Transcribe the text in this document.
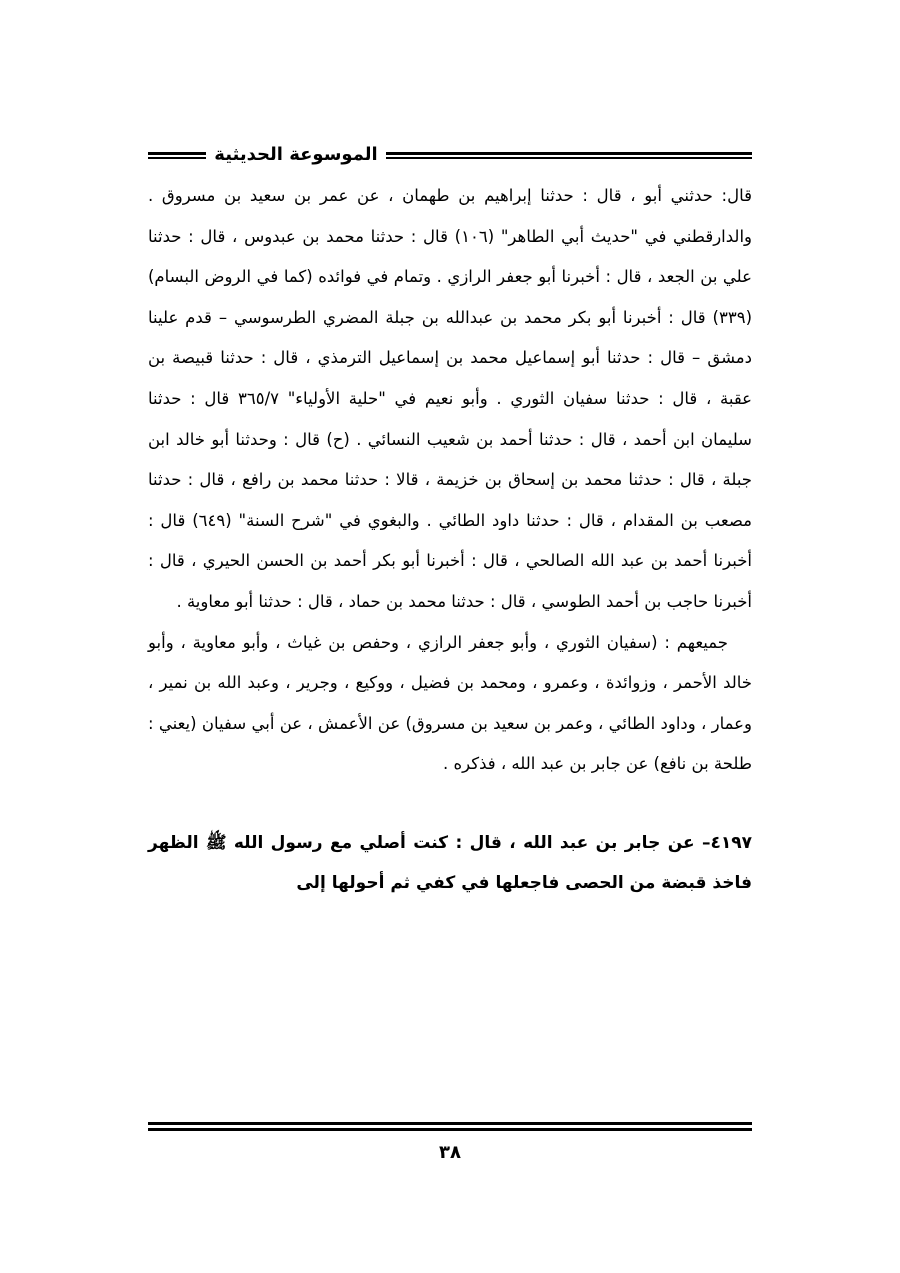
الموسوعة الحديثية

قال: حدثني أبو ، قال : حدثنا إبراهيم بن طهمان ، عن عمر بن سعيد بن مسروق . والدارقطني في "حديث أبي الطاهر" (١٠٦) قال : حدثنا محمد بن عبدوس ، قال : حدثنا علي بن الجعد ، قال : أخبرنا أبو جعفر الرازي . وتمام في فوائده (كما في الروض البسام) (٣٣٩) قال : أخبرنا أبو بكر محمد بن عبدالله بن جبلة المضري الطرسوسي – قدم علينا دمشق – قال : حدثنا أبو إسماعيل محمد بن إسماعيل الترمذي ، قال : حدثنا قبيصة بن عقبة ، قال : حدثنا سفيان الثوري . وأبو نعيم في "حلية الأولياء" ٣٦٥/٧ قال : حدثنا سليمان ابن أحمد ، قال : حدثنا أحمد بن شعيب النسائي . (ح) قال : وحدثنا أبو خالد ابن جبلة ، قال : حدثنا محمد بن إسحاق بن خزيمة ، قالا : حدثنا محمد بن رافع ، قال : حدثنا مصعب بن المقدام ، قال : حدثنا داود الطائي . والبغوي في "شرح السنة" (٦٤٩) قال : أخبرنا أحمد بن عبد الله الصالحي ، قال : أخبرنا أبو بكر أحمد بن الحسن الحيري ، قال : أخبرنا حاجب بن أحمد الطوسي ، قال : حدثنا محمد بن حماد ، قال : حدثنا أبو معاوية .

جميعهم : (سفيان الثوري ، وأبو جعفر الرازي ، وحفص بن غياث ، وأبو معاوية ، وأبو خالد الأحمر ، وزوائدة ، وعمرو ، ومحمد بن فضيل ، ووكيع ، وجرير ، وعبد الله بن نمير ، وعمار ، وداود الطائي ، وعمر بن سعيد بن مسروق) عن الأعمش ، عن أبي سفيان (يعني : طلحة بن نافع) عن جابر بن عبد الله ، فذكره .

٤١٩٧– عن جابر بن عبد الله ، قال : كنت أصلي مع رسول الله ﷺ الظهر فاخذ قبضة من الحصى فاجعلها في كفي ثم أحولها إلى

٣٨
